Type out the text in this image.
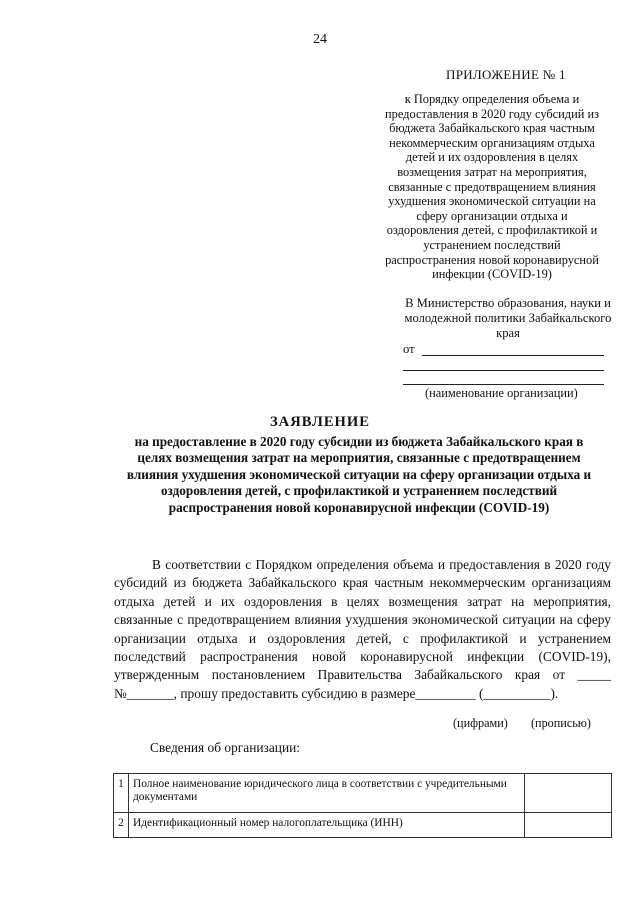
24
ПРИЛОЖЕНИЕ № 1
к Порядку определения объема и предоставления в 2020 году субсидий из бюджета Забайкальского края частным некоммерческим организациям отдыха детей и их оздоровления в целях возмещения затрат на мероприятия, связанные с предотвращением влияния ухудшения экономической ситуации на сферу организации отдыха и оздоровления детей, с профилактикой и устранением последствий распространения новой коронавирусной инфекции (COVID-19)
В Министерство образования, науки и молодежной политики Забайкальского края
от
(наименование организации)
ЗАЯВЛЕНИЕ
на предоставление в 2020 году субсидии из бюджета Забайкальского края в целях возмещения затрат на мероприятия, связанные с предотвращением влияния ухудшения экономической ситуации на сферу организации отдыха и оздоровления детей, с профилактикой и устранением последствий распространения новой коронавирусной инфекции (COVID-19)
В соответствии с Порядком определения объема и предоставления в 2020 году субсидий из бюджета Забайкальского края частным некоммерческим организациям отдыха детей и их оздоровления в целях возмещения затрат на мероприятия, связанные с предотвращением влияния ухудшения экономической ситуации на сферу организации отдыха и оздоровления детей, с профилактикой и устранением последствий распространения новой коронавирусной инфекции (COVID-19), утвержденным постановлением Правительства Забайкальского края от _____ №_______, прошу предоставить субсидию в размере_________ (__________).
(цифрами) (прописью)
Сведения об организации:
1	Полное наименование юридического лица в соответствии с учредительными документами	
2	Идентификационный номер налогоплательщика (ИНН)	
